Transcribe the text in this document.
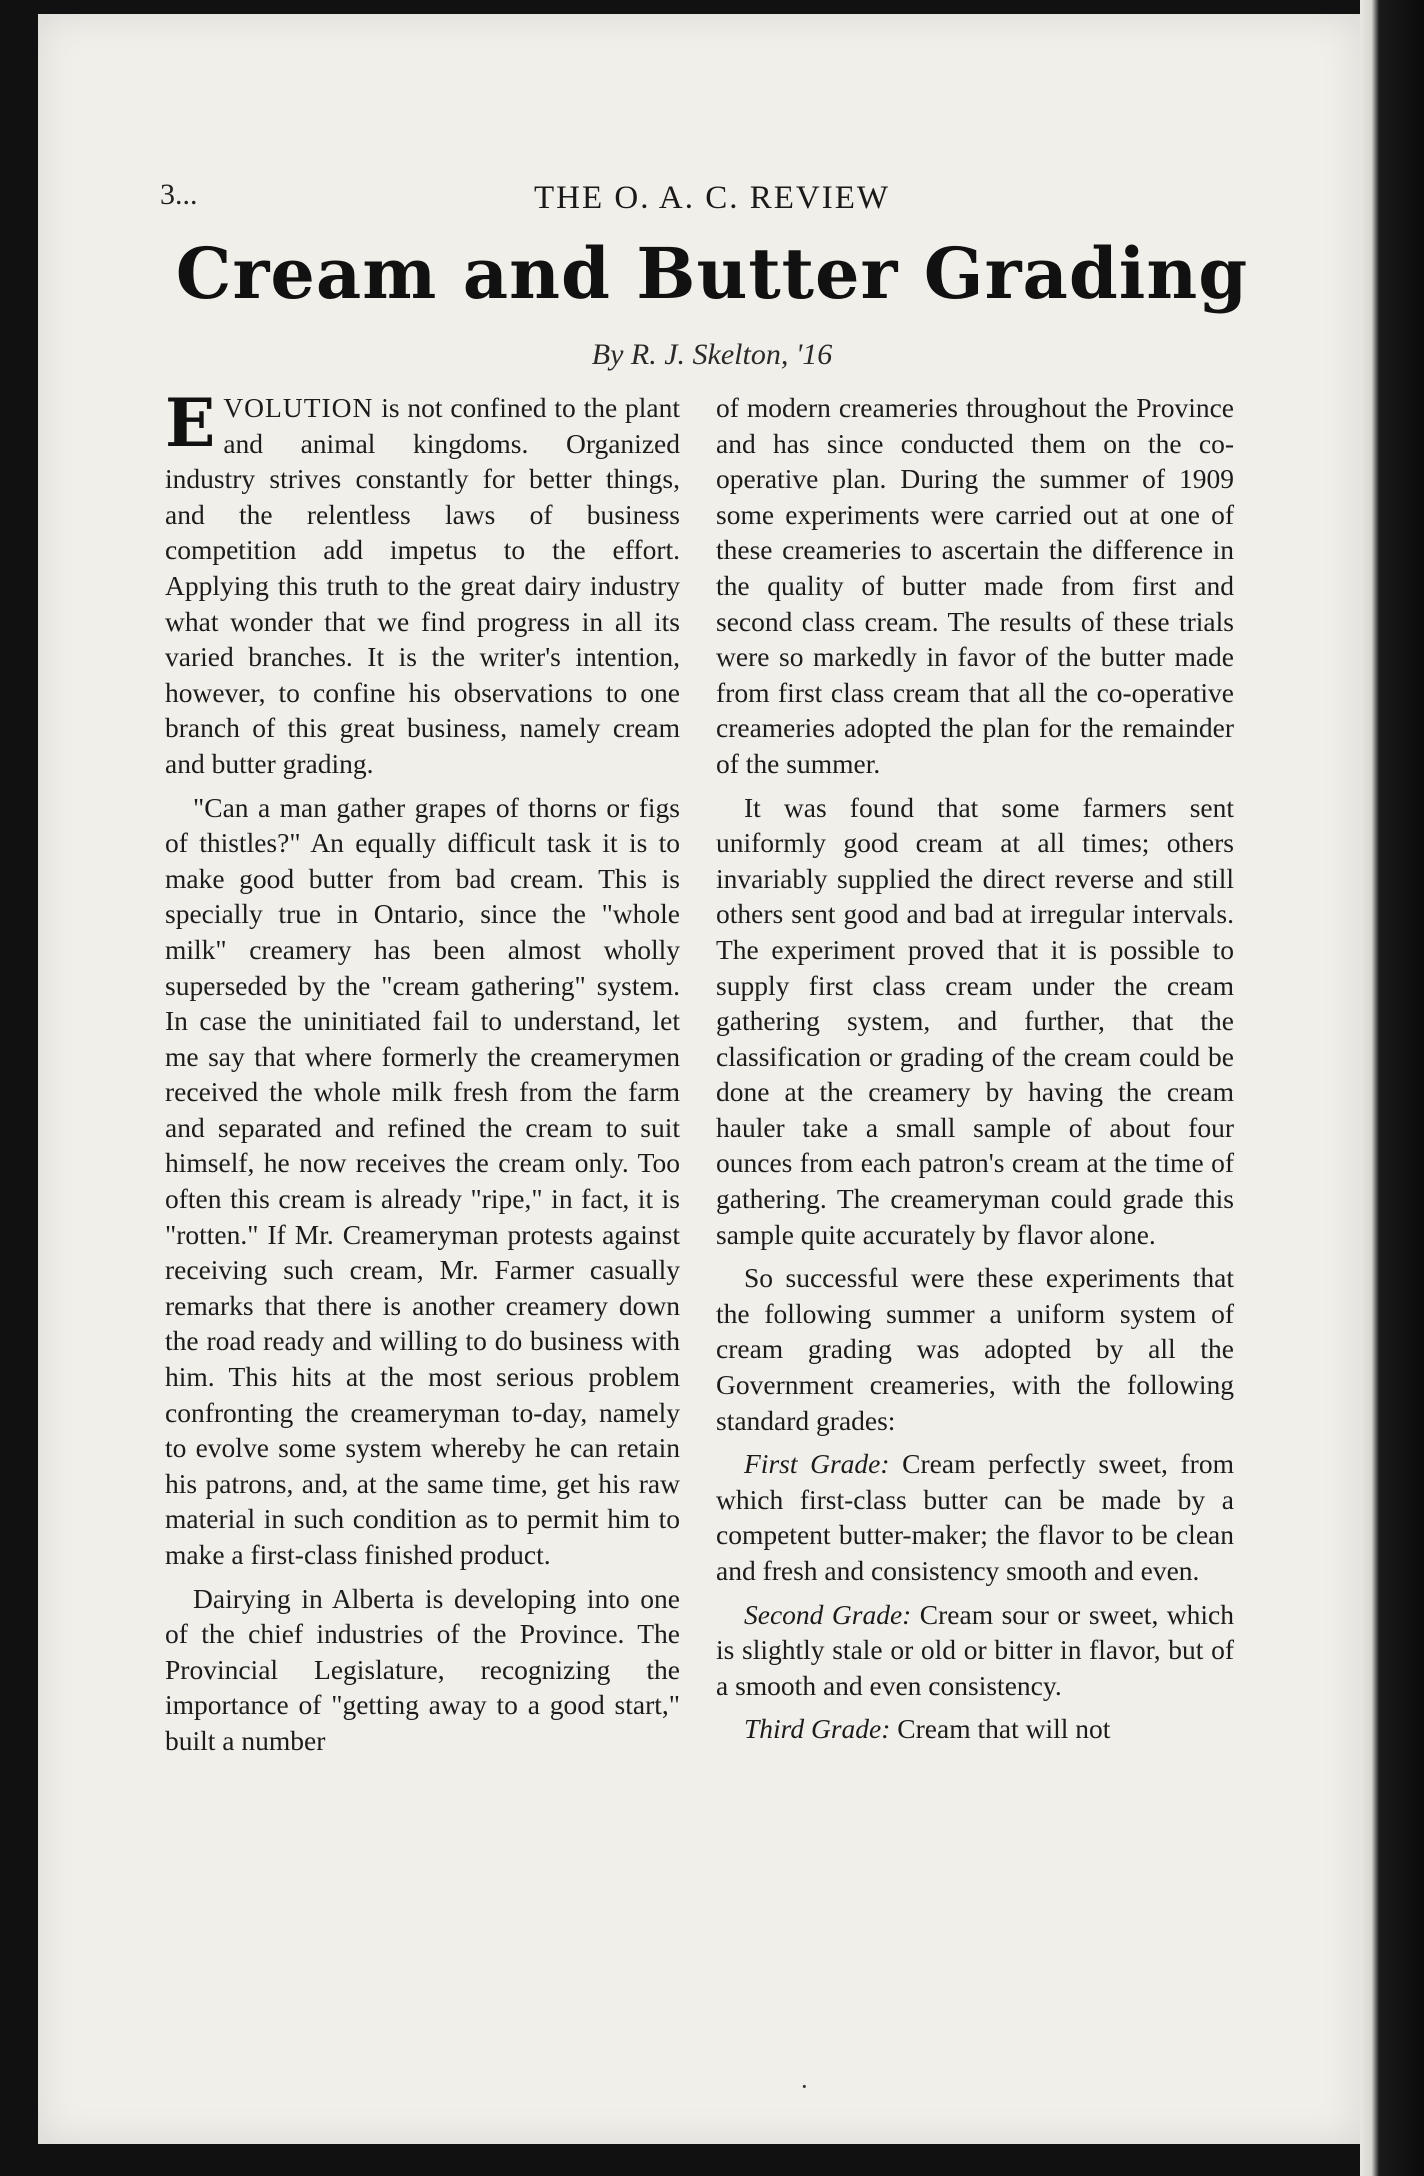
3...	THE O. A. C. REVIEW
Cream and Butter Grading
By R. J. Skelton, '16

EVOLUTION is not confined to the plant and animal kingdoms. Organized industry strives constantly for better things, and the relentless laws of business competition add impetus to the effort. Applying this truth to the great dairy industry what wonder that we find progress in all its varied branches. It is the writer's intention, however, to confine his observations to one branch of this great business, namely cream and butter grading.

"Can a man gather grapes of thorns or figs of thistles?" An equally difficult task it is to make good butter from bad cream. This is specially true in Ontario, since the "whole milk" creamery has been almost wholly superseded by the "cream gathering" system. In case the uninitiated fail to understand, let me say that where formerly the creamerymen received the whole milk fresh from the farm and separated and refined the cream to suit himself, he now receives the cream only. Too often this cream is already "ripe," in fact, it is "rotten." If Mr. Creameryman protests against receiving such cream, Mr. Farmer casually remarks that there is another creamery down the road ready and willing to do business with him. This hits at the most serious problem confronting the creameryman to-day, namely to evolve some system whereby he can retain his patrons, and, at the same time, get his raw material in such condition as to permit him to make a first-class finished product.

Dairying in Alberta is developing into one of the chief industries of the Province. The Provincial Legislature, recognizing the importance of "getting away to a good start," built a number

of modern creameries throughout the Province and has since conducted them on the co-operative plan. During the summer of 1909 some experiments were carried out at one of these creameries to ascertain the difference in the quality of butter made from first and second class cream. The results of these trials were so markedly in favor of the butter made from first class cream that all the co-operative creameries adopted the plan for the remainder of the summer.

It was found that some farmers sent uniformly good cream at all times; others invariably supplied the direct reverse and still others sent good and bad at irregular intervals. The experiment proved that it is possible to supply first class cream under the cream gathering system, and further, that the classification or grading of the cream could be done at the creamery by having the cream hauler take a small sample of about four ounces from each patron's cream at the time of gathering. The creameryman could grade this sample quite accurately by flavor alone.

So successful were these experiments that the following summer a uniform system of cream grading was adopted by all the Government creameries, with the following standard grades:

First Grade: Cream perfectly sweet, from which first-class butter can be made by a competent butter-maker; the flavor to be clean and fresh and consistency smooth and even.

Second Grade: Cream sour or sweet, which is slightly stale or old or bitter in flavor, but of a smooth and even consistency.

Third Grade: Cream that will not

·
